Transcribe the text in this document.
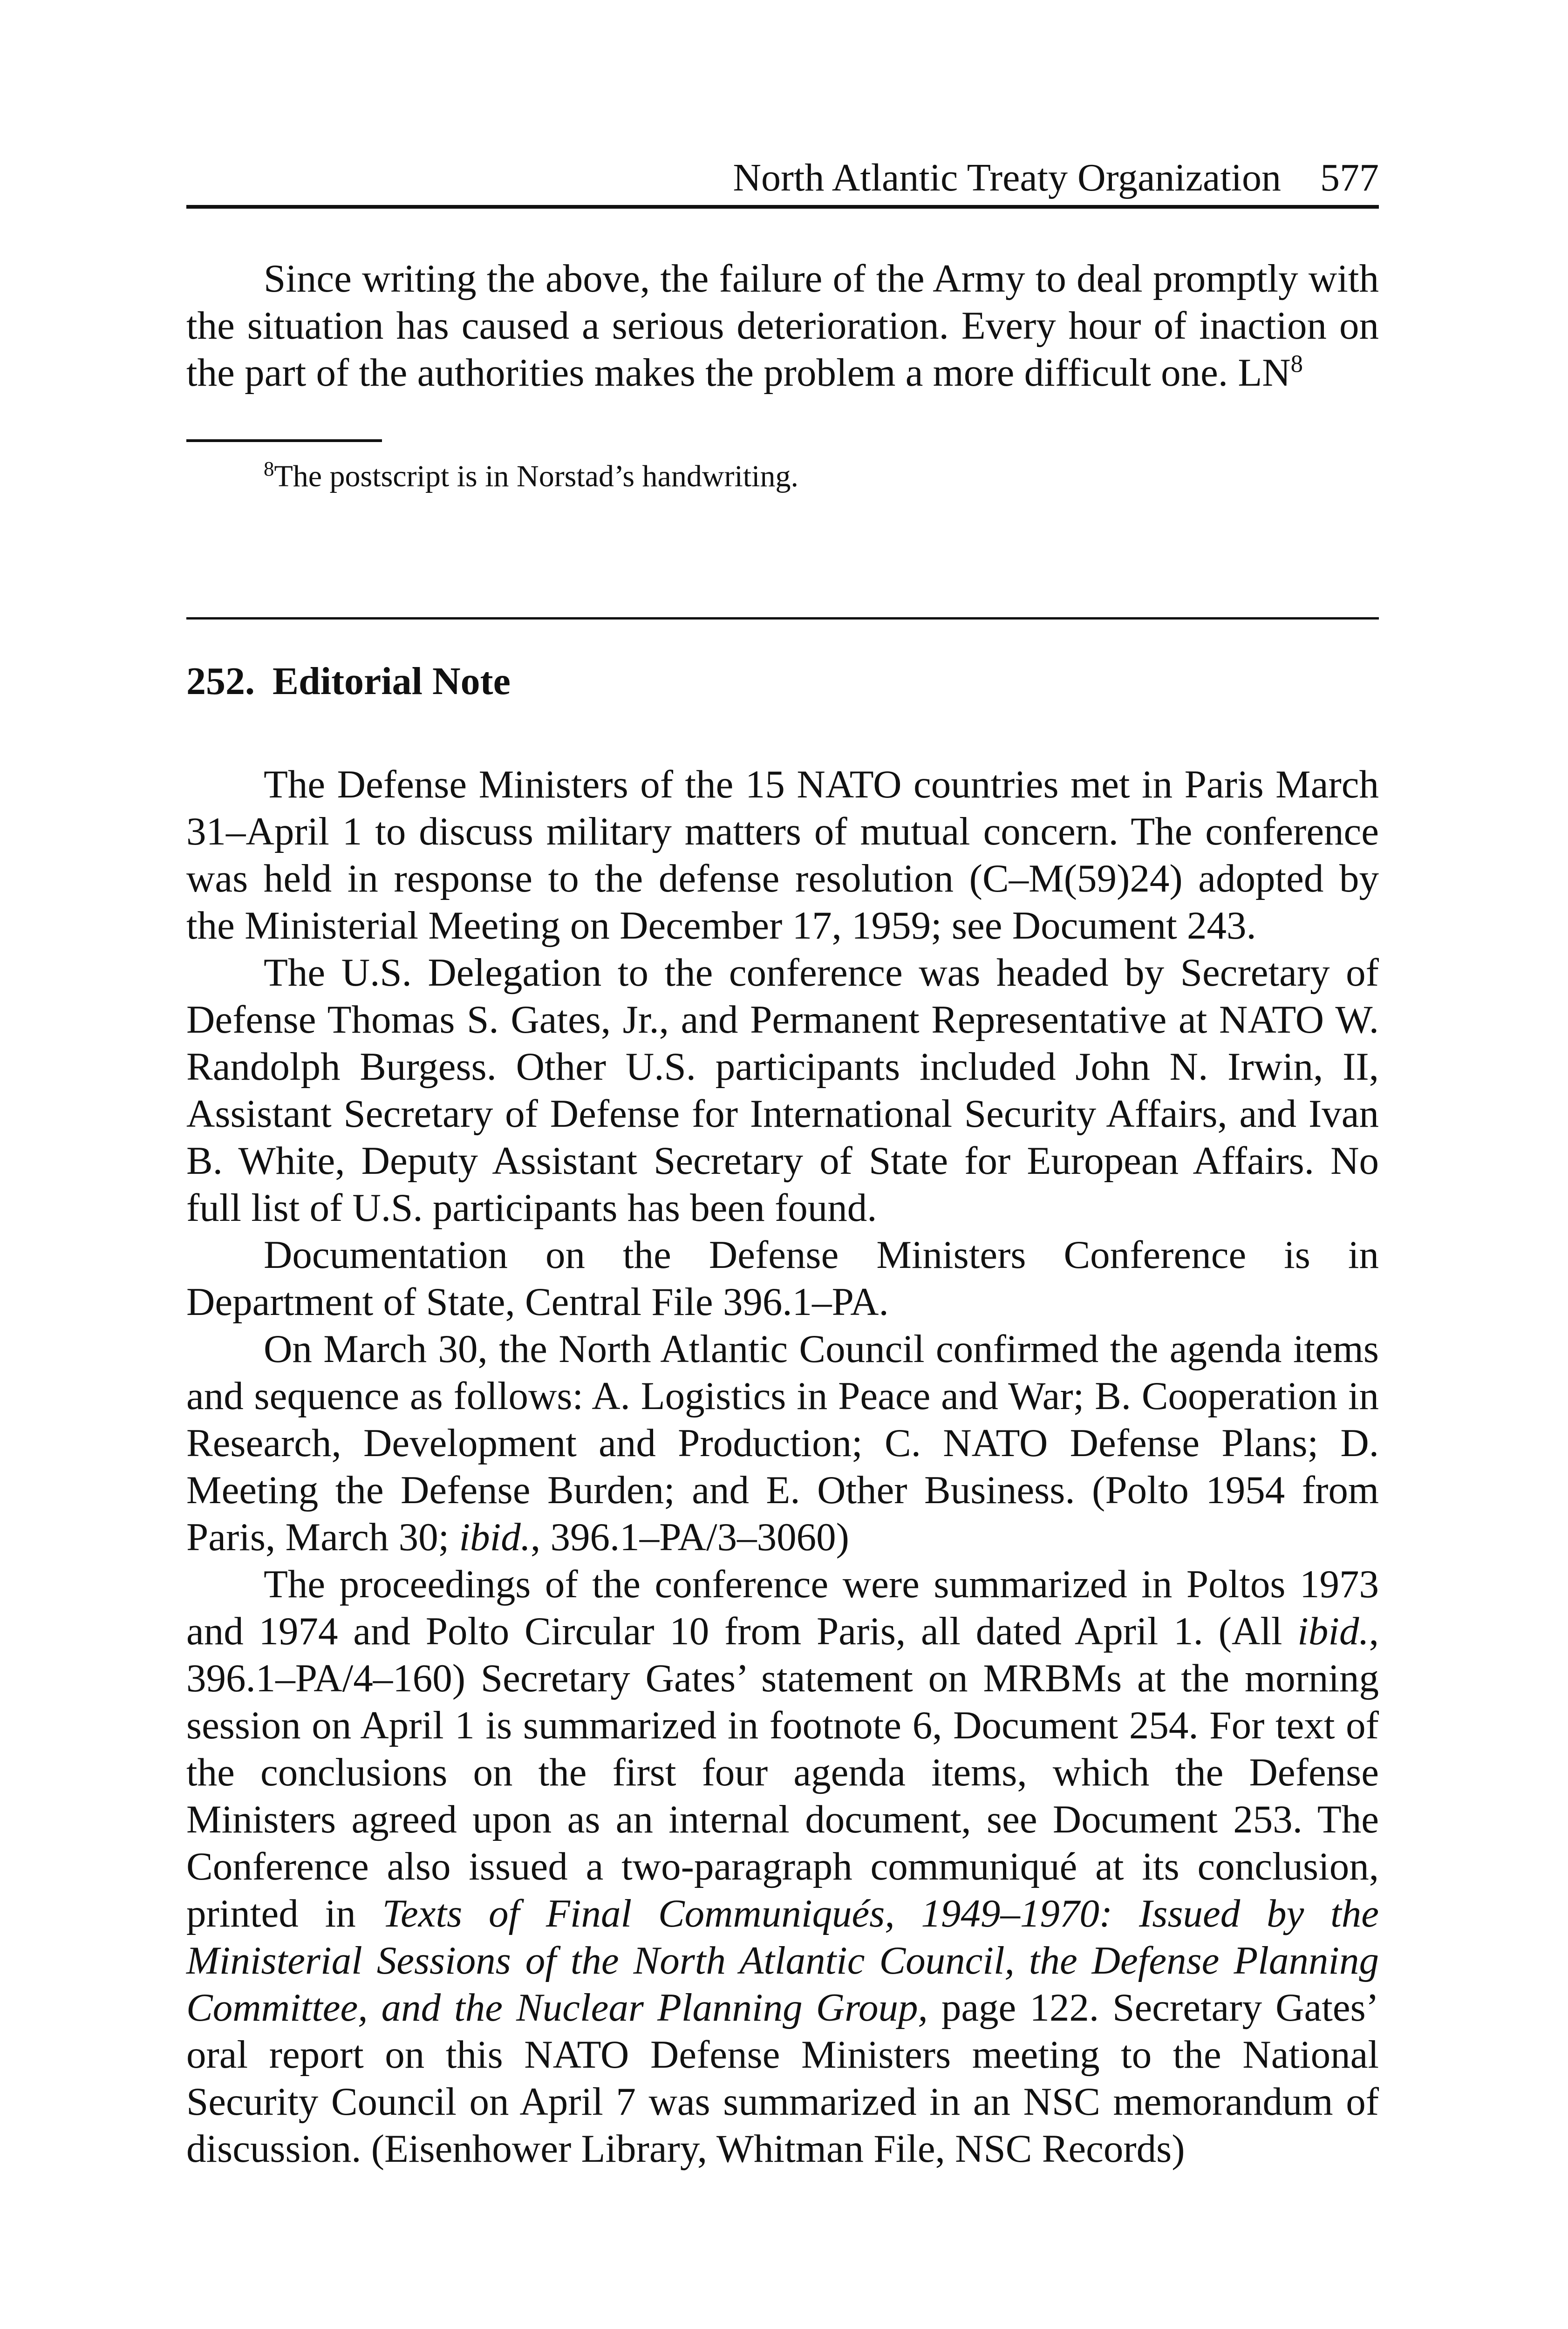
North Atlantic Treaty Organization 577

Since writing the above, the failure of the Army to deal promptly with the situation has caused a serious deterioration. Every hour of inaction on the part of the authorities makes the problem a more difficult one. $LN^8$

$^8$The postscript is in Norstad’s handwriting.
252. Editorial Note

The Defense Ministers of the 15 NATO countries met in Paris March 31–April 1 to discuss military matters of mutual concern. The conference was held in response to the defense resolution (C–M(59)24) adopted by the Ministerial Meeting on December 17, 1959; see Document 243.

The U.S. Delegation to the conference was headed by Secretary of Defense Thomas S. Gates, Jr., and Permanent Representative at NATO W. Randolph Burgess. Other U.S. participants included John N. Irwin, II, Assistant Secretary of Defense for International Security Affairs, and Ivan B. White, Deputy Assistant Secretary of State for European Affairs. No full list of U.S. participants has been found.

Documentation on the Defense Ministers Conference is in Department of State, Central File 396.1–PA.

On March 30, the North Atlantic Council confirmed the agenda items and sequence as follows: A. Logistics in Peace and War; B. Cooperation in Research, Development and Production; C. NATO Defense Plans; D. Meeting the Defense Burden; and E. Other Business. (Polto 1954 from Paris, March 30; ibid., 396.1–PA/3–3060)

The proceedings of the conference were summarized in Poltos 1973 and 1974 and Polto Circular 10 from Paris, all dated April 1. (All ibid., 396.1–PA/4–160) Secretary Gates’ statement on MRBMs at the morning session on April 1 is summarized in footnote 6, Document 254. For text of the conclusions on the first four agenda items, which the Defense Ministers agreed upon as an internal document, see Document 253. The Conference also issued a two-paragraph communiqué at its conclusion, printed in Texts of Final Communiqués, 1949–1970: Issued by the Ministerial Sessions of the North Atlantic Council, the Defense Planning Committee, and the Nuclear Planning Group, page 122. Secretary Gates’ oral report on this NATO Defense Ministers meeting to the National Security Council on April 7 was summarized in an NSC memorandum of discussion. (Eisenhower Library, Whitman File, NSC Records)
